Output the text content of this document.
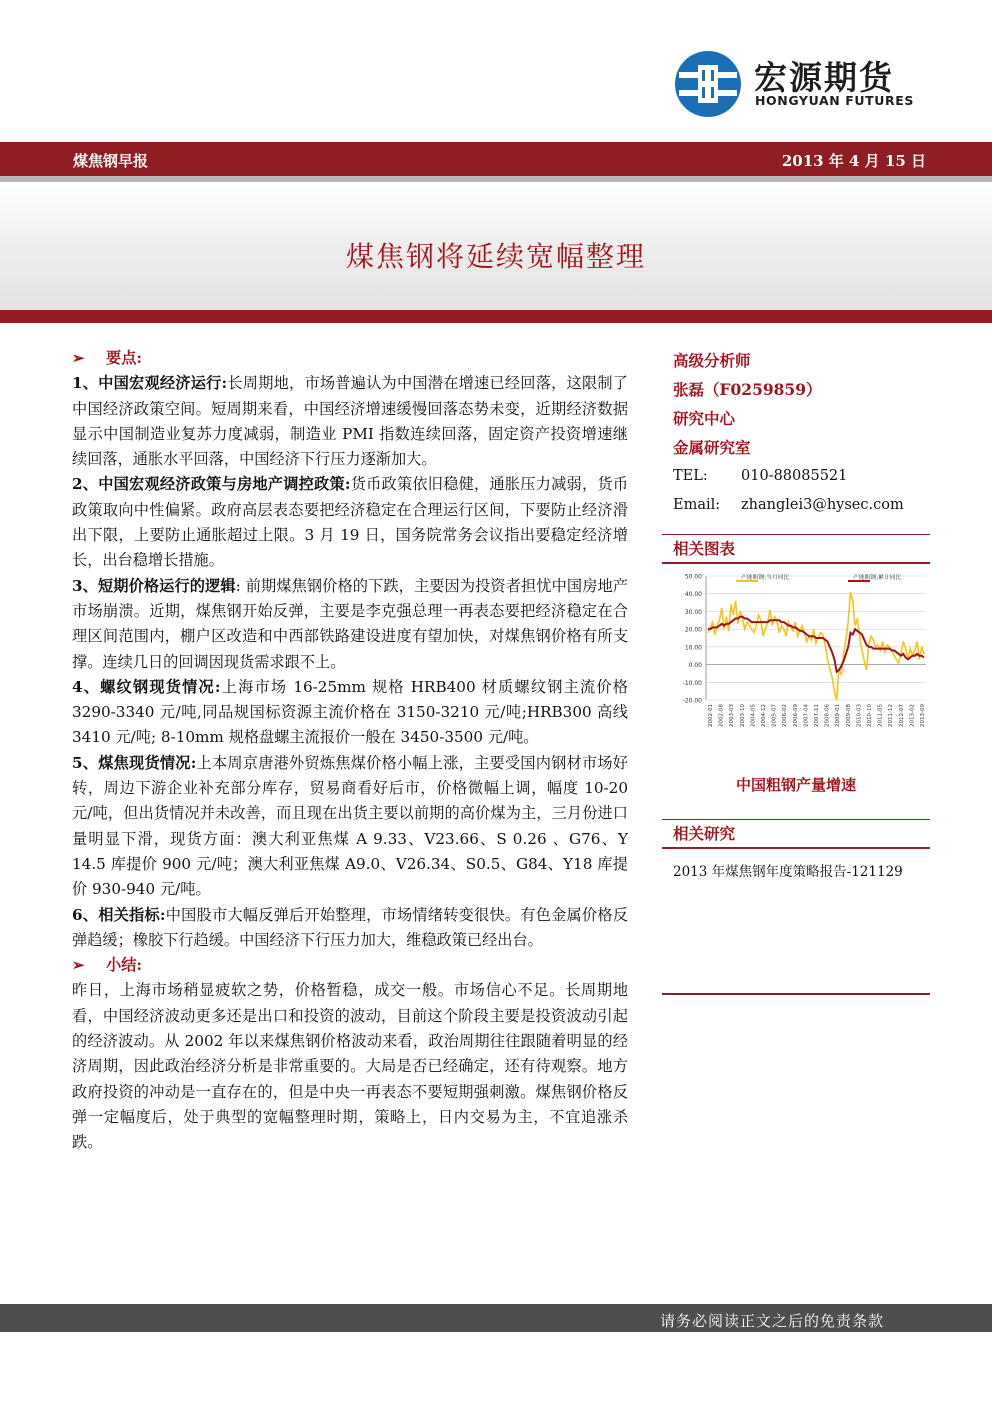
宏源期货
HONGYUAN FUTURES
煤焦钢早报	2013 年 4 月 15 日
煤焦钢将延续宽幅整理

➢ 要点:

1、中国宏观经济运行:长周期地，市场普遍认为中国潜在增速已经回落，这限制了中国经济政策空间。短周期来看，中国经济增速缓慢回落态势未变，近期经济数据显示中国制造业复苏力度减弱，制造业 PMI 指数连续回落，固定资产投资增速继续回落，通胀水平回落，中国经济下行压力逐渐加大。

2、中国宏观经济政策与房地产调控政策:货币政策依旧稳健，通胀压力减弱，货币政策取向中性偏紧。政府高层表态要把经济稳定在合理运行区间，下要防止经济滑出下限，上要防止通胀超过上限。3 月 19 日，国务院常务会议指出要稳定经济增长，出台稳增长措施。

3、短期价格运行的逻辑: 前期煤焦钢价格的下跌，主要因为投资者担忧中国房地产市场崩溃。近期，煤焦钢开始反弹，主要是李克强总理一再表态要把经济稳定在合理区间范围内，棚户区改造和中西部铁路建设进度有望加快，对煤焦钢价格有所支撑。连续几日的回调因现货需求跟不上。

4、螺纹钢现货情况:上海市场 16-25mm 规格 HRB400 材质螺纹钢主流价格 3290-3340 元/吨,同品规国标资源主流价格在 3150-3210 元/吨;HRB300 高线 3410 元/吨; 8-10mm 规格盘螺主流报价一般在 3450-3500 元/吨。

5、煤焦现货情况:上本周京唐港外贸炼焦煤价格小幅上涨，主要受国内钢材市场好转，周边下游企业补充部分库存，贸易商看好后市，价格微幅上调，幅度 10-20 元/吨，但出货情况并未改善，而且现在出货主要以前期的高价煤为主，三月份进口量明显下滑，现货方面：澳大利亚焦煤 A 9.33、V23.66、S 0.26 、G76、Y 14.5 库提价 900 元/吨；澳大利亚焦煤 A9.0、V26.34、S0.5、G84、Y18 库提价 930-940 元/吨。

6、相关指标:中国股市大幅反弹后开始整理，市场情绪转变很快。有色金属价格反弹趋缓；橡胶下行趋缓。中国经济下行压力加大，维稳政策已经出台。

➢ 小结:

昨日，上海市场稍显疲软之势，价格暂稳，成交一般。市场信心不足。长周期地看，中国经济波动更多还是出口和投资的波动，目前这个阶段主要是投资波动引起的经济波动。从 2002 年以来煤焦钢价格波动来看，政治周期往往跟随着明显的经济周期，因此政治经济分析是非常重要的。大局是否已经确定，还有待观察。地方政府投资的冲动是一直存在的，但是中央一再表态不要短期强刺激。煤焦钢价格反弹一定幅度后，处于典型的宽幅整理时期，策略上，日内交易为主，不宜追涨杀跌。

高级分析师
张磊（F0259859）
研究中心
金属研究室
TEL: 010-88085521
Email: zhanglei3@hysec.com
相关图表
50.00
40.00
30.00
20.00
10.00
0.00
-10.00
-20.00
2002-01 2002-08 2003-03 2003-10 2004-05 2004-12 2005-07 2006-02 2006-09 2007-04 2007-11 2008-06 2009-01 2009-08 2010-03 2010-10 2011-05 2011-12 2012-07 2013-02 2013-09
产能粗钢:当月同比	产能粗钢:累计同比
中国粗钢产量增速
相关研究
2013 年煤焦钢年度策略报告-121129
请务必阅读正文之后的免责条款
